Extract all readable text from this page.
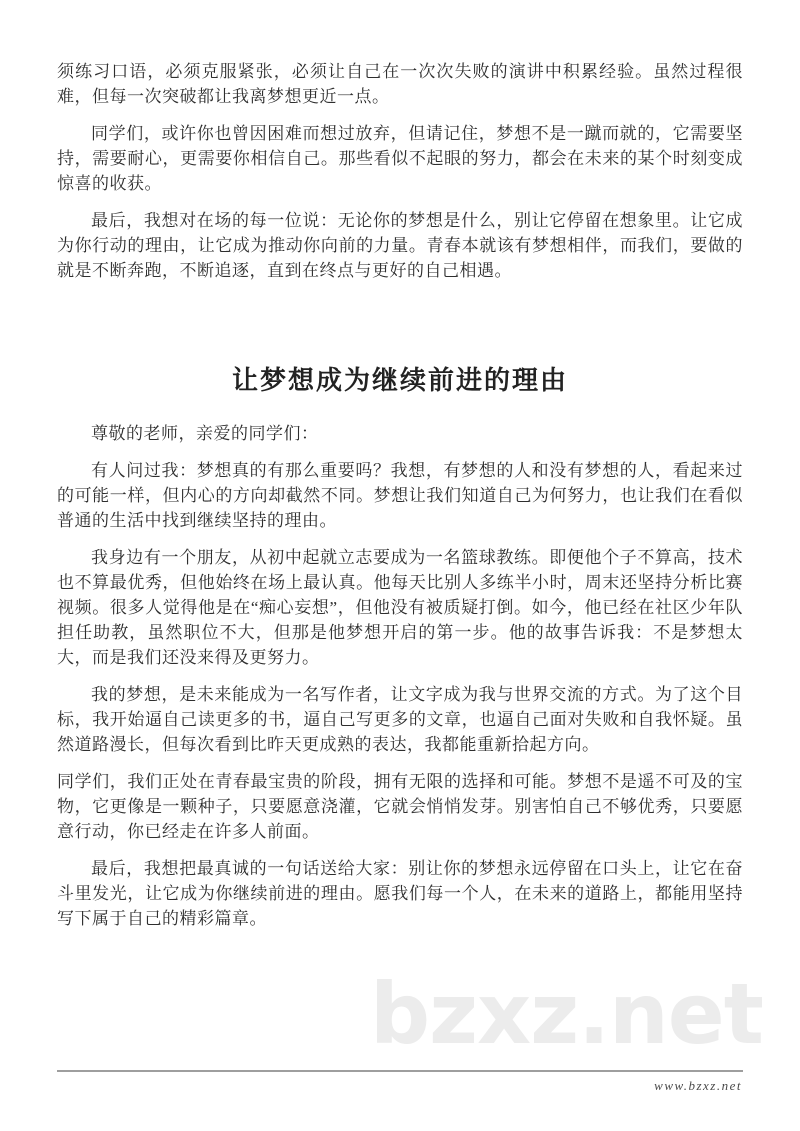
须练习口语，必须克服紧张，必须让自己在一次次失败的演讲中积累经验。虽然过程很难，但每一次突破都让我离梦想更近一点。

同学们，或许你也曾因困难而想过放弃，但请记住，梦想不是一蹴而就的，它需要坚持，需要耐心，更需要你相信自己。那些看似不起眼的努力，都会在未来的某个时刻变成惊喜的收获。

最后，我想对在场的每一位说：无论你的梦想是什么，别让它停留在想象里。让它成为你行动的理由，让它成为推动你向前的力量。青春本就该有梦想相伴，而我们，要做的就是不断奔跑，不断追逐，直到在终点与更好的自己相遇。

让梦想成为继续前进的理由

尊敬的老师，亲爱的同学们：

有人问过我：梦想真的有那么重要吗？我想，有梦想的人和没有梦想的人，看起来过的可能一样，但内心的方向却截然不同。梦想让我们知道自己为何努力，也让我们在看似普通的生活中找到继续坚持的理由。

我身边有一个朋友，从初中起就立志要成为一名篮球教练。即便他个子不算高，技术也不算最优秀，但他始终在场上最认真。他每天比别人多练半小时，周末还坚持分析比赛视频。很多人觉得他是在“痴心妄想”，但他没有被质疑打倒。如今，他已经在社区少年队担任助教，虽然职位不大，但那是他梦想开启的第一步。他的故事告诉我：不是梦想太大，而是我们还没来得及更努力。

我的梦想，是未来能成为一名写作者，让文字成为我与世界交流的方式。为了这个目标，我开始逼自己读更多的书，逼自己写更多的文章，也逼自己面对失败和自我怀疑。虽然道路漫长，但每次看到比昨天更成熟的表达，我都能重新拾起方向。

同学们，我们正处在青春最宝贵的阶段，拥有无限的选择和可能。梦想不是遥不可及的宝物，它更像是一颗种子，只要愿意浇灌，它就会悄悄发芽。别害怕自己不够优秀，只要愿意行动，你已经走在许多人前面。

最后，我想把最真诚的一句话送给大家：别让你的梦想永远停留在口头上，让它在奋斗里发光，让它成为你继续前进的理由。愿我们每一个人，在未来的道路上，都能用坚持写下属于自己的精彩篇章。

bzxz.net
www.bzxz.net
